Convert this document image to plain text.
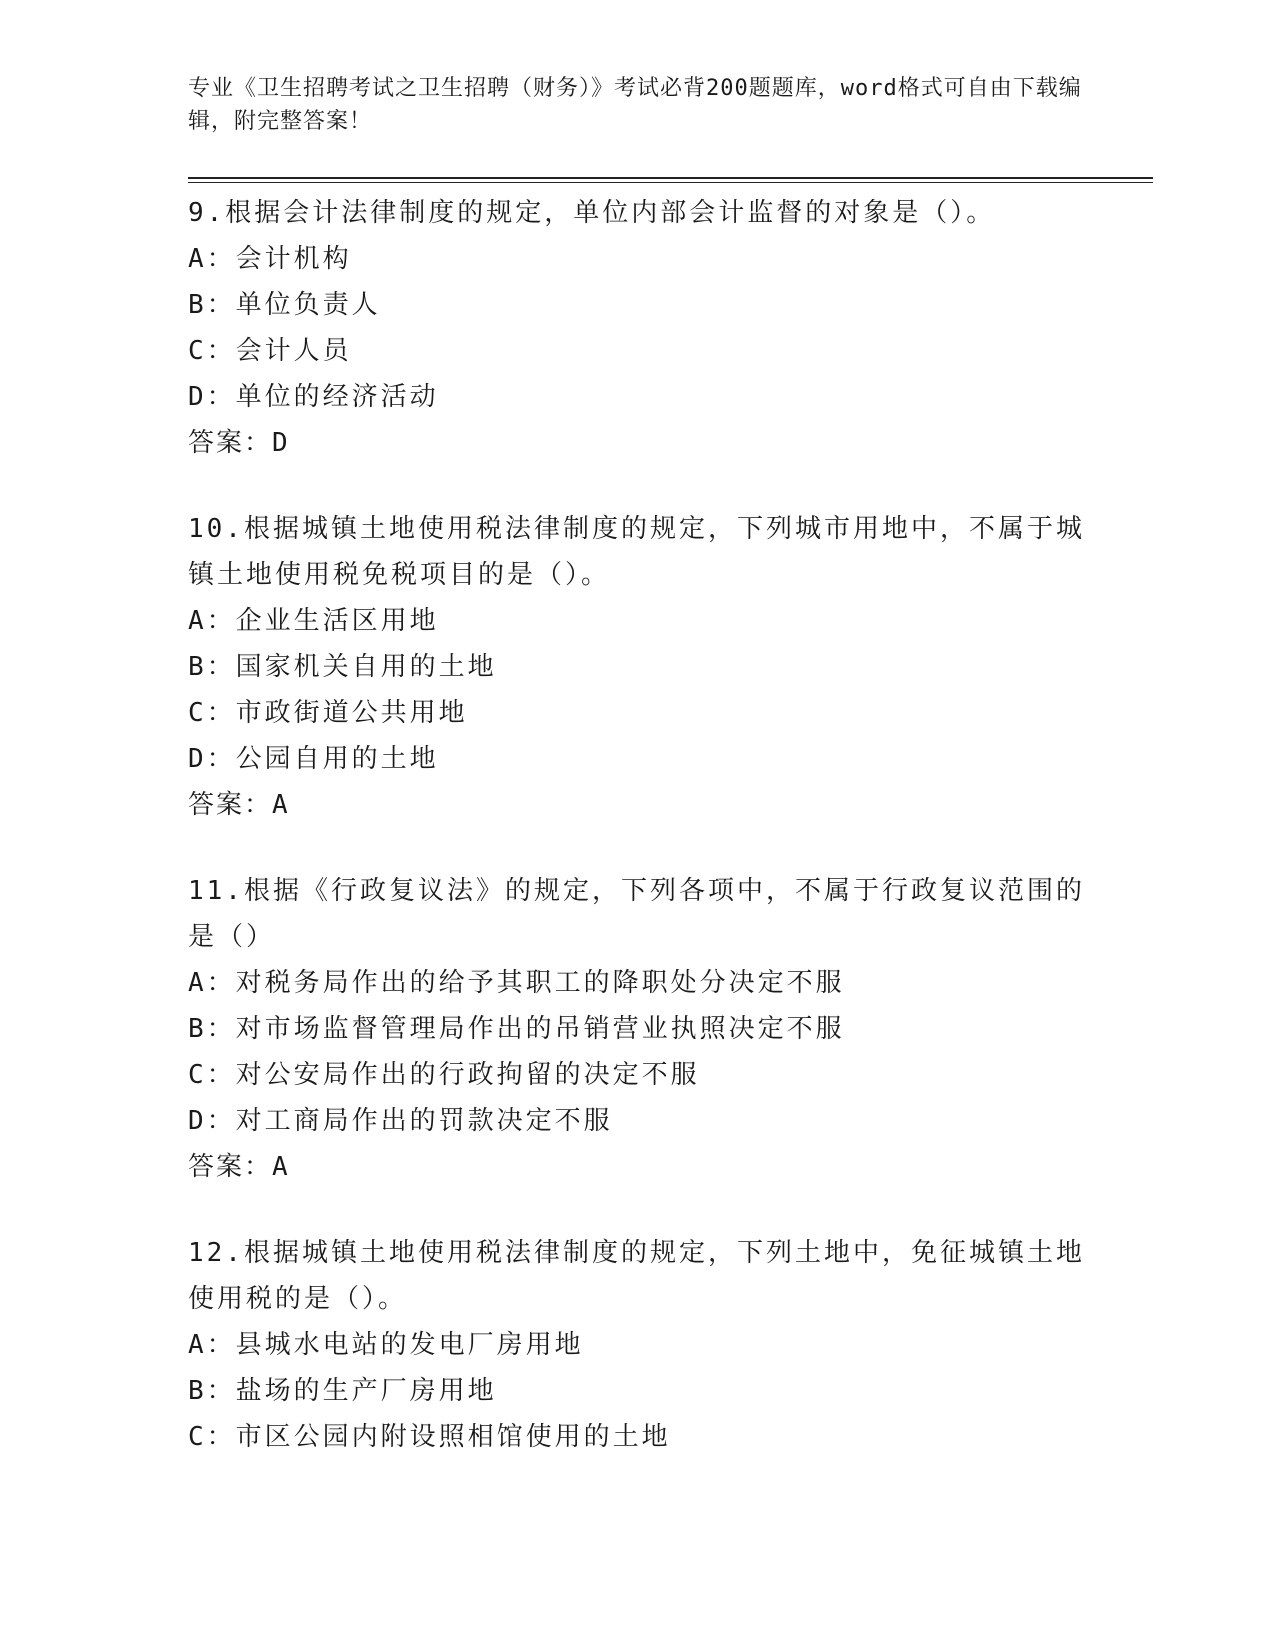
专业《卫生招聘考试之卫生招聘（财务）》考试必背200题题库，word格式可自由下载编辑，附完整答案！

9.根据会计法律制度的规定，单位内部会计监督的对象是（）。

A：会计机构

B：单位负责人

C：会计人员

D：单位的经济活动

答案：D

10.根据城镇土地使用税法律制度的规定，下列城市用地中，不属于城镇土地使用税免税项目的是（）。

A：企业生活区用地

B：国家机关自用的土地

C：市政街道公共用地

D：公园自用的土地

答案：A

11.根据《行政复议法》的规定，下列各项中，不属于行政复议范围的是（）

A：对税务局作出的给予其职工的降职处分决定不服

B：对市场监督管理局作出的吊销营业执照决定不服

C：对公安局作出的行政拘留的决定不服

D：对工商局作出的罚款决定不服

答案：A

12.根据城镇土地使用税法律制度的规定，下列土地中，免征城镇土地使用税的是（）。

A：县城水电站的发电厂房用地

B：盐场的生产厂房用地

C：市区公园内附设照相馆使用的土地
